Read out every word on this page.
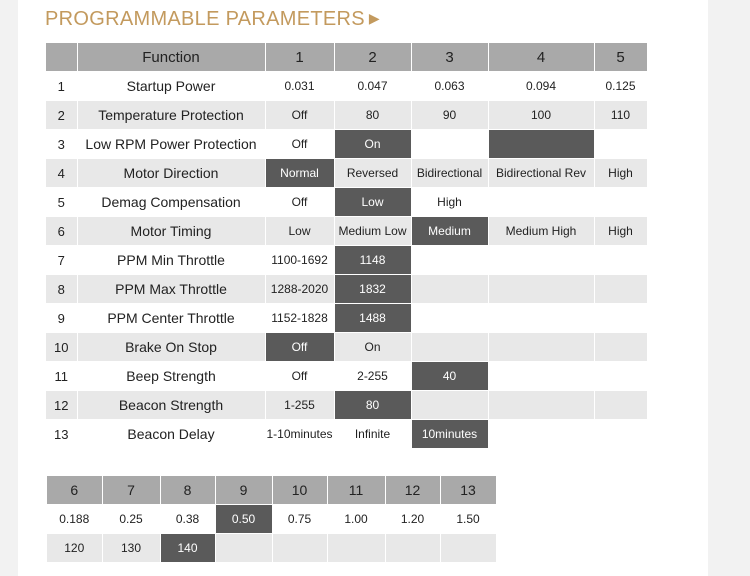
PROGRAMMABLE PARAMETERS ▶
	Function	1	2	3	4	5
1	Startup Power	0.031	0.047	0.063	0.094	0.125
2	Temperature Protection	Off	80	90	100	110
3	Low RPM Power Protection	Off	On			
4	Motor Direction	Normal	Reversed	Bidirectional	Bidirectional Rev	High
5	Demag Compensation	Off	Low	High		
6	Motor Timing	Low	Medium Low	Medium	Medium High	High
7	PPM Min Throttle	1100-1692	1148			
8	PPM Max Throttle	1288-2020	1832			
9	PPM Center Throttle	1152-1828	1488			
10	Brake On Stop	Off	On			
11	Beep Strength	Off	2-255	40		
12	Beacon Strength	1-255	80			
13	Beacon Delay	1-10minutes	Infinite	10minutes		
6	7	8	9	10	11	12	13
0.188	0.25	0.38	0.50	0.75	1.00	1.20	1.50
120	130	140					
